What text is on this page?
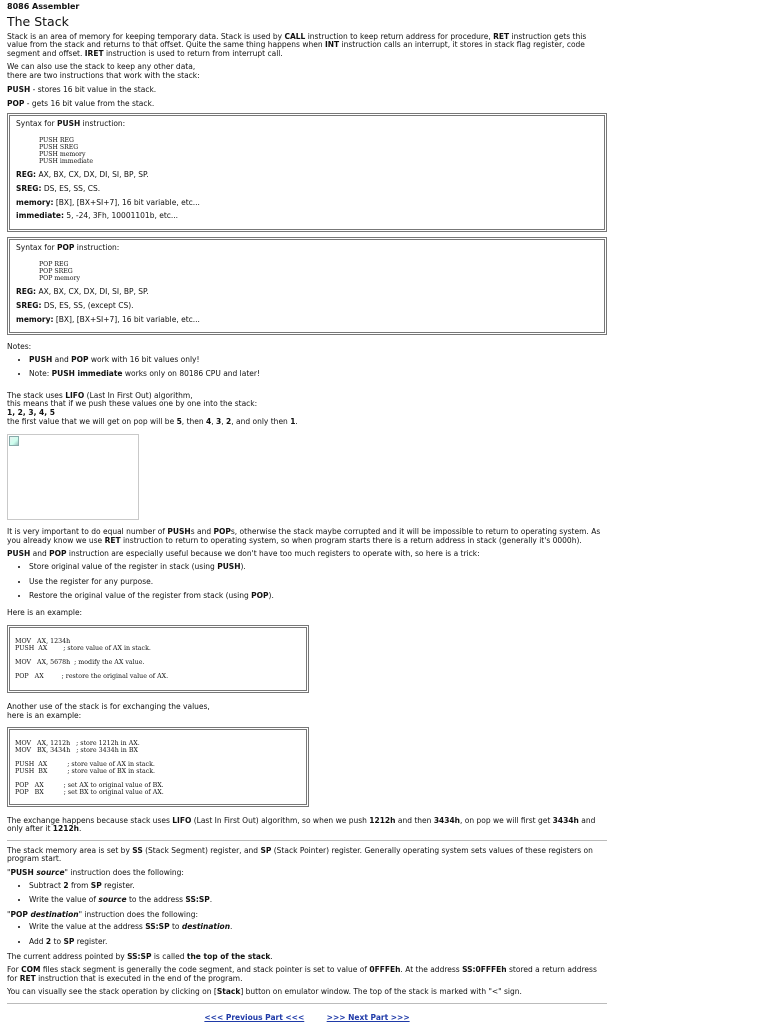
8086 Assembler
The Stack

Stack is an area of memory for keeping temporary data. Stack is used by CALL instruction to keep return address for procedure, RET instruction gets this value from the stack and returns to that offset. Quite the same thing happens when INT instruction calls an interrupt, it stores in stack flag register, code segment and offset. IRET instruction is used to return from interrupt call.

We can also use the stack to keep any other data,
there are two instructions that work with the stack:

PUSH - stores 16 bit value in the stack.

POP - gets 16 bit value from the stack.

Syntax for PUSH instruction:

PUSH REG
PUSH SREG
PUSH memory
PUSH immediate

REG: AX, BX, CX, DX, DI, SI, BP, SP.

SREG: DS, ES, SS, CS.

memory: [BX], [BX+SI+7], 16 bit variable, etc...

immediate: 5, -24, 3Fh, 10001101b, etc...

Syntax for POP instruction:

POP REG
POP SREG
POP memory

REG: AX, BX, CX, DX, DI, SI, BP, SP.

SREG: DS, ES, SS, (except CS).

memory: [BX], [BX+SI+7], 16 bit variable, etc...

Notes:

• PUSH and POP work with 16 bit values only!
• Note: PUSH immediate works only on 80186 CPU and later!

The stack uses LIFO (Last In First Out) algorithm,
this means that if we push these values one by one into the stack:
1, 2, 3, 4, 5
the first value that we will get on pop will be 5, then 4, 3, 2, and only then 1.

It is very important to do equal number of PUSHs and POPs, otherwise the stack maybe corrupted and it will be impossible to return to operating system. As you already know we use RET instruction to return to operating system, so when program starts there is a return address in stack (generally it's 0000h).

PUSH and POP instruction are especially useful because we don't have too much registers to operate with, so here is a trick:

• Store original value of the register in stack (using PUSH).
• Use the register for any purpose.
• Restore the original value of the register from stack (using POP).

Here is an example:

MOV   AX, 1234h
PUSH  AX        ; store value of AX in stack.

MOV   AX, 5678h  ; modify the AX value.

POP   AX         ; restore the original value of AX.

Another use of the stack is for exchanging the values,
here is an example:

MOV   AX, 1212h   ; store 1212h in AX.
MOV   BX, 3434h   ; store 3434h in BX

PUSH  AX          ; store value of AX in stack.
PUSH  BX          ; store value of BX in stack.

POP   AX          ; set AX to original value of BX.
POP   BX          ; set BX to original value of AX.

The exchange happens because stack uses LIFO (Last In First Out) algorithm, so when we push 1212h and then 3434h, on pop we will first get 3434h and only after it 1212h.

The stack memory area is set by SS (Stack Segment) register, and SP (Stack Pointer) register. Generally operating system sets values of these registers on program start.

"PUSH source" instruction does the following:

• Subtract 2 from SP register.
• Write the value of source to the address SS:SP.

"POP destination" instruction does the following:

• Write the value at the address SS:SP to destination.
• Add 2 to SP register.

The current address pointed by SS:SP is called the top of the stack.

For COM files stack segment is generally the code segment, and stack pointer is set to value of 0FFFEh. At the address SS:0FFFEh stored a return address for RET instruction that is executed in the end of the program.

You can visually see the stack operation by clicking on [Stack] button on emulator window. The top of the stack is marked with "<" sign.

<<< Previous Part <<<	>>> Next Part >>>
